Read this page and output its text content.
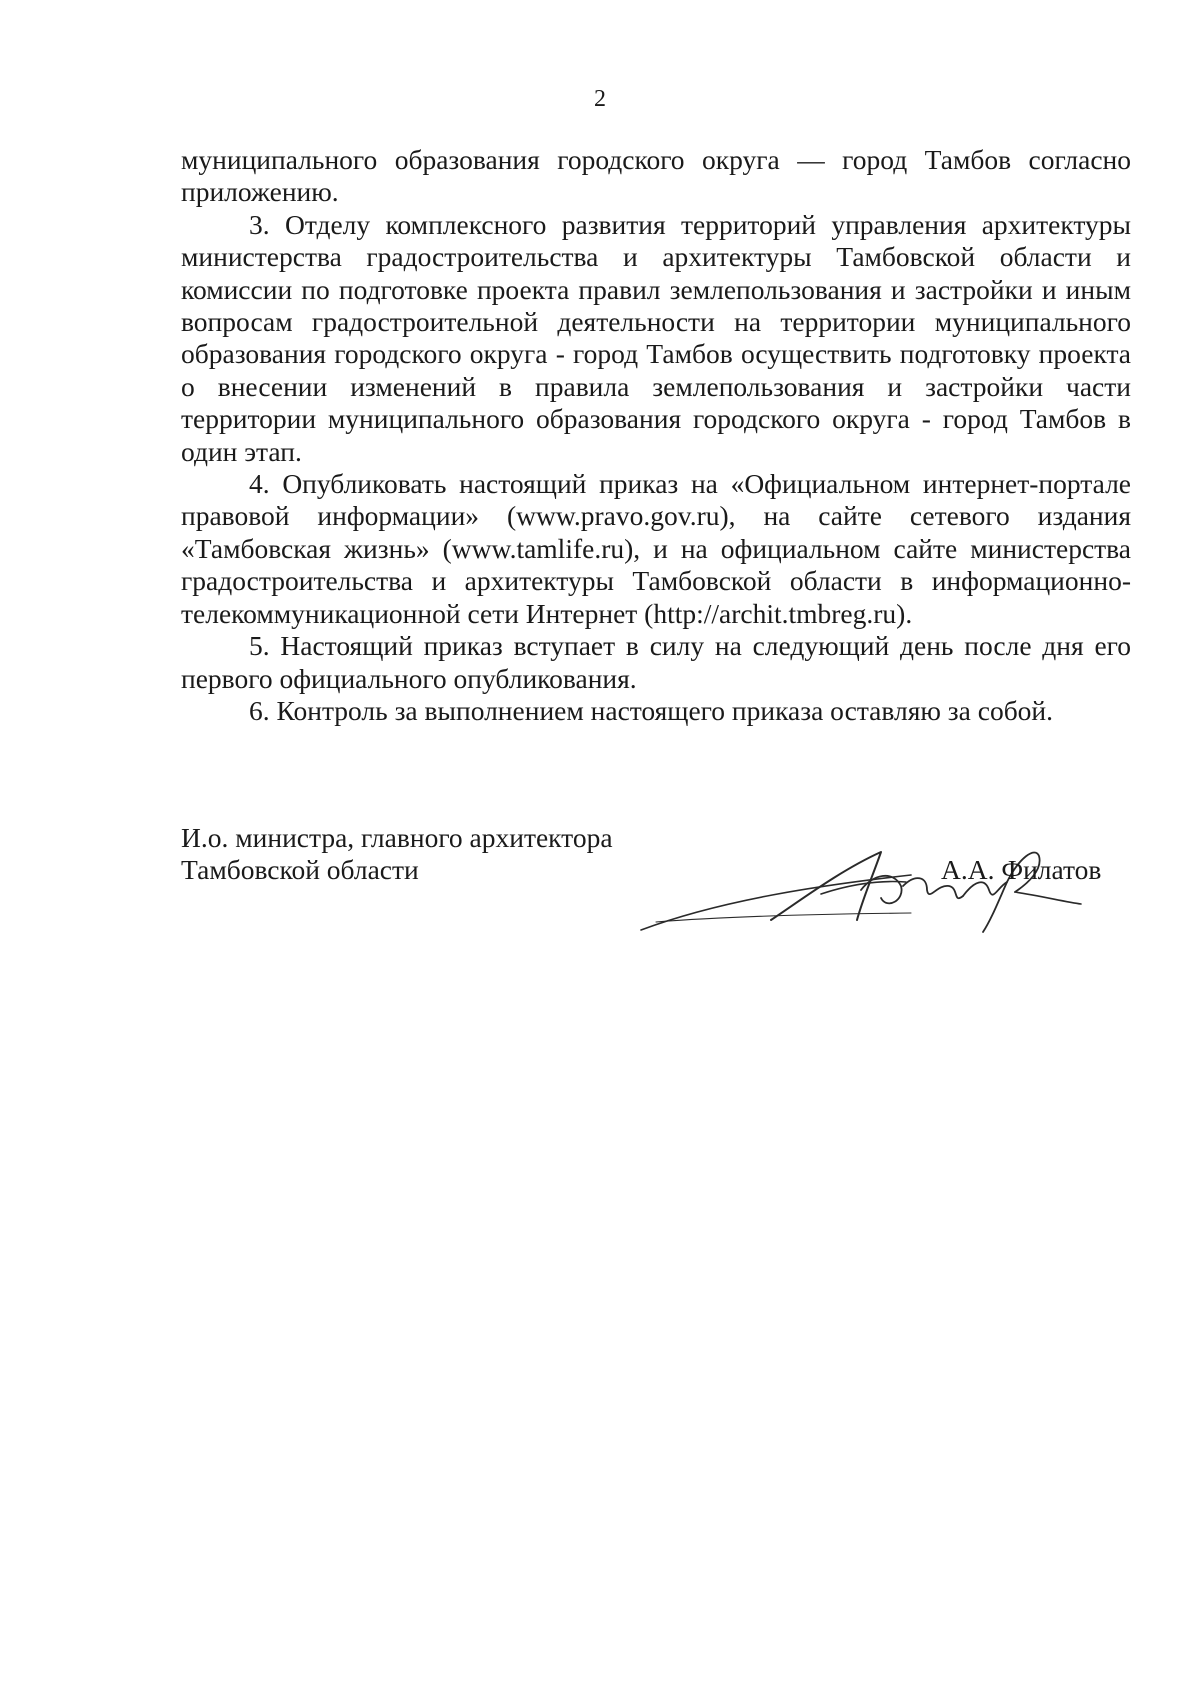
2

муниципального образования городского округа — город Тамбов согласно приложению.

3. Отделу комплексного развития территорий управления архитектуры министерства градостроительства и архитектуры Тамбовской области и комиссии по подготовке проекта правил землепользования и застройки и иным вопросам градостроительной деятельности на территории муниципального образования городского округа - город Тамбов осуществить подготовку проекта о внесении изменений в правила землепользования и застройки части территории муниципального образования городского округа - город Тамбов в один этап.

4. Опубликовать настоящий приказ на «Официальном интернет-портале правовой информации» (www.pravo.gov.ru), на сайте сетевого издания «Тамбовская жизнь» (www.tamlife.ru), и на официальном сайте министерства градостроительства и архитектуры Тамбовской области в информационно-телекоммуникационной сети Интернет (http://archit.tmbreg.ru).

5. Настоящий приказ вступает в силу на следующий день после дня его первого официального опубликования.

6. Контроль за выполнением настоящего приказа оставляю за собой.

И.о. министра, главного архитектора
Тамбовской области	А.А. Филатов
